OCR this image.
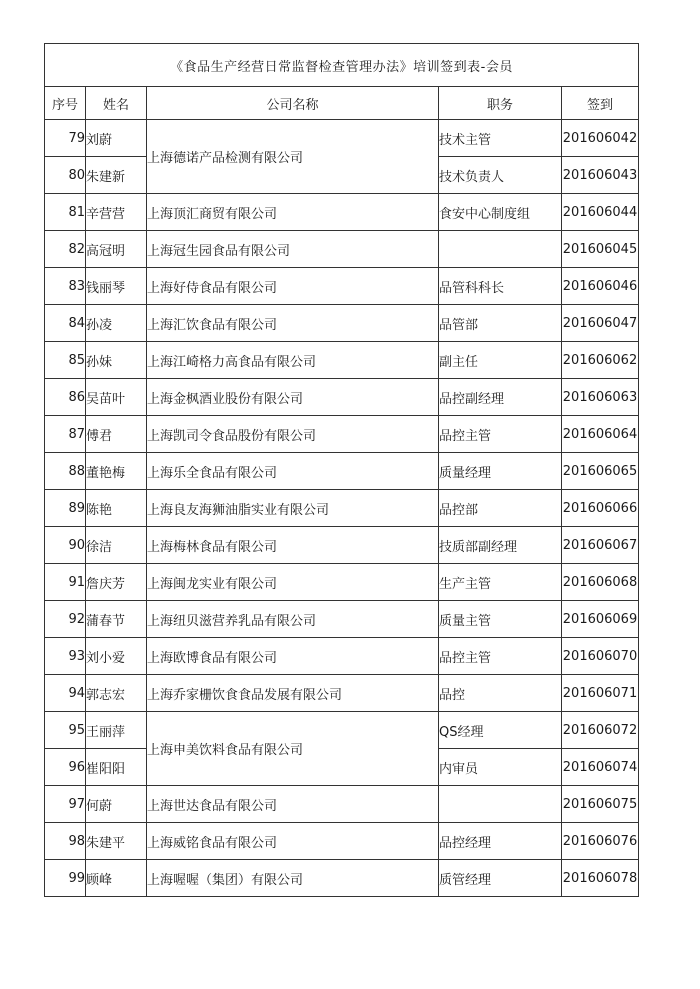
《食品生产经营日常监督检查管理办法》培训签到表-会员				
序号	姓名	公司名称	职务	签到
79	刘蔚	上海德诺产品检测有限公司	技术主管	201606042
80	朱建新		技术负责人	201606043
81	辛营营	上海顶汇商贸有限公司	食安中心制度组	201606044
82	高冠明	上海冠生园食品有限公司		201606045
83	钱丽琴	上海好侍食品有限公司	品管科科长	201606046
84	孙凌	上海汇饮食品有限公司	品管部	201606047
85	孙妹	上海江崎格力高食品有限公司	副主任	201606062
86	吴苗叶	上海金枫酒业股份有限公司	品控副经理	201606063
87	傅君	上海凯司令食品股份有限公司	品控主管	201606064
88	董艳梅	上海乐全食品有限公司	质量经理	201606065
89	陈艳	上海良友海狮油脂实业有限公司	品控部	201606066
90	徐洁	上海梅林食品有限公司	技质部副经理	201606067
91	詹庆芳	上海闽龙实业有限公司	生产主管	201606068
92	蒲春节	上海纽贝滋营养乳品有限公司	质量主管	201606069
93	刘小爱	上海欧博食品有限公司	品控主管	201606070
94	郭志宏	上海乔家栅饮食食品发展有限公司	品控	201606071
95	王丽萍	上海申美饮料食品有限公司	QS经理	201606072
96	崔阳阳		内审员	201606074
97	何蔚	上海世达食品有限公司		201606075
98	朱建平	上海威铭食品有限公司	品控经理	201606076
99	顾峰	上海喔喔（集团）有限公司	质管经理	201606078
